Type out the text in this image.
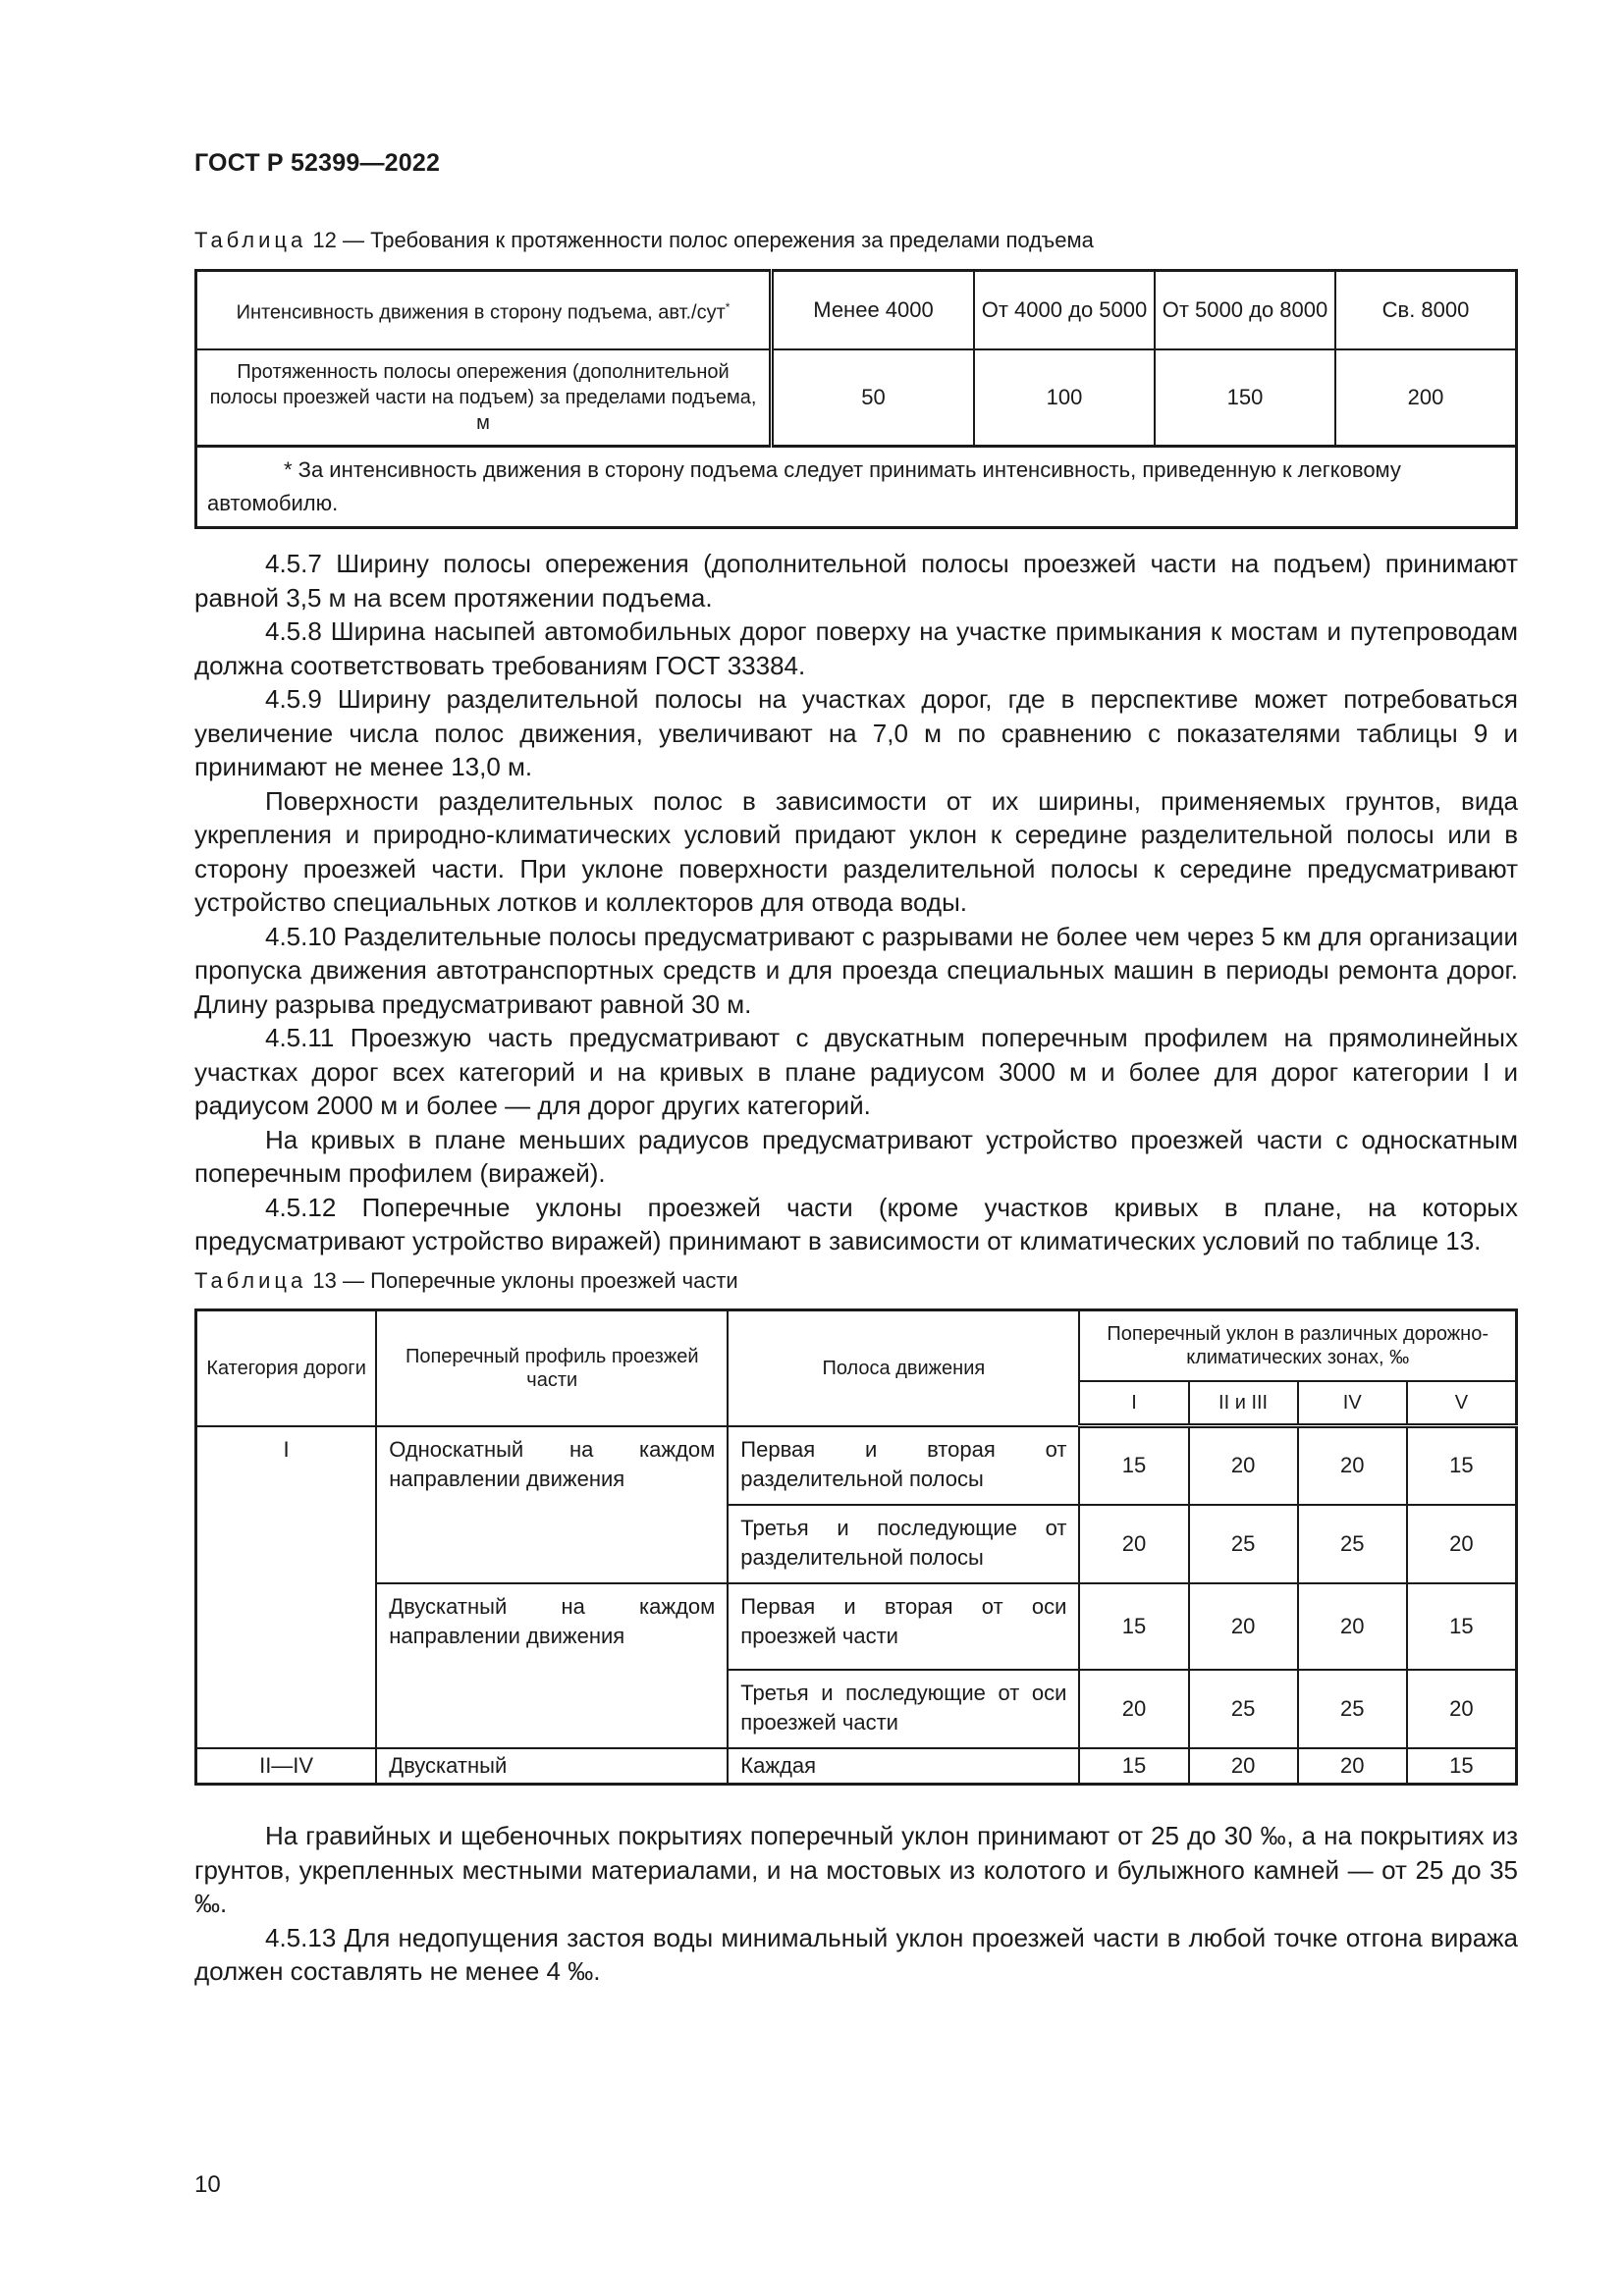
ГОСТ Р 52399—2022
Таблица 12 — Требования к протяженности полос опережения за пределами подъема
Интенсивность движения в сторону подъема, авт./сут*	Менее 4000	От 4000 до 5000	От 5000 до 8000	Св. 8000
Протяженность полосы опережения (дополнительной полосы проезжей части на подъем) за пределами подъема, м	50	100	150	200
* За интенсивность движения в сторону подъема следует принимать интенсивность, приведенную к легковому автомобилю.				

4.5.7 Ширину полосы опережения (дополнительной полосы проезжей части на подъем) принимают равной 3,5 м на всем протяжении подъема.

4.5.8 Ширина насыпей автомобильных дорог поверху на участке примыкания к мостам и путепроводам должна соответствовать требованиям ГОСТ 33384.

4.5.9 Ширину разделительной полосы на участках дорог, где в перспективе может потребоваться увеличение числа полос движения, увеличивают на 7,0 м по сравнению с показателями таблицы 9 и принимают не менее 13,0 м.

Поверхности разделительных полос в зависимости от их ширины, применяемых грунтов, вида укрепления и природно-климатических условий придают уклон к середине разделительной полосы или в сторону проезжей части. При уклоне поверхности разделительной полосы к середине предусматривают устройство специальных лотков и коллекторов для отвода воды.

4.5.10 Разделительные полосы предусматривают с разрывами не более чем через 5 км для организации пропуска движения автотранспортных средств и для проезда специальных машин в периоды ремонта дорог. Длину разрыва предусматривают равной 30 м.

4.5.11 Проезжую часть предусматривают с двускатным поперечным профилем на прямолинейных участках дорог всех категорий и на кривых в плане радиусом 3000 м и более для дорог категории I и радиусом 2000 м и более — для дорог других категорий.

На кривых в плане меньших радиусов предусматривают устройство проезжей части с односкатным поперечным профилем (виражей).

4.5.12 Поперечные уклоны проезжей части (кроме участков кривых в плане, на которых предусматривают устройство виражей) принимают в зависимости от климатических условий по таблице 13.

Таблица 13 — Поперечные уклоны проезжей части
Категория дороги	Поперечный профиль проезжей части	Полоса движения	Поперечный уклон в различных дорожно-климатических зонах, ‰			
			I	II и III	IV	V
I	Односкатный на каждом направлении движения	Первая и вторая от разделительной полосы	15	20	20	15
		Третья и последующие от разделительной полосы	20	25	25	20
	Двускатный на каждом направлении движения	Первая и вторая от оси проезжей части	15	20	20	15
		Третья и последующие от оси проезжей части	20	25	25	20
II—IV	Двускатный	Каждая	15	20	20	15

На гравийных и щебеночных покрытиях поперечный уклон принимают от 25 до 30 ‰, а на покрытиях из грунтов, укрепленных местными материалами, и на мостовых из колотого и булыжного камней — от 25 до 35 ‰.

4.5.13 Для недопущения застоя воды минимальный уклон проезжей части в любой точке отгона виража должен составлять не менее 4 ‰.

10
